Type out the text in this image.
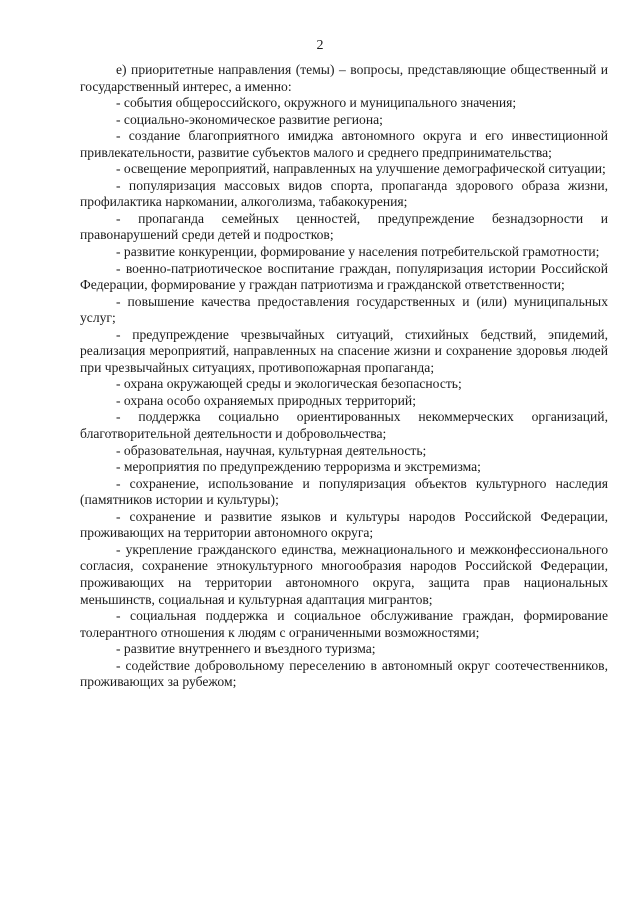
2

е) приоритетные направления (темы) – вопросы, представляющие общественный и государственный интерес, а именно:

- события общероссийского, окружного и муниципального значения;

- социально-экономическое развитие региона;

- создание благоприятного имиджа автономного округа и его инвестиционной привлекательности, развитие субъектов малого и среднего предпринимательства;

- освещение мероприятий, направленных на улучшение демографической ситуации;

- популяризация массовых видов спорта, пропаганда здорового образа жизни, профилактика наркомании, алкоголизма, табакокурения;

- пропаганда семейных ценностей, предупреждение безнадзорности и правонарушений среди детей и подростков;

- развитие конкуренции, формирование у населения потребительской грамотности;

- военно-патриотическое воспитание граждан, популяризация истории Российской Федерации, формирование у граждан патриотизма и гражданской ответственности;

- повышение качества предоставления государственных и (или) муниципальных услуг;

- предупреждение чрезвычайных ситуаций, стихийных бедствий, эпидемий, реализация мероприятий, направленных на спасение жизни и сохранение здоровья людей при чрезвычайных ситуациях, противопожарная пропаганда;

- охрана окружающей среды и экологическая безопасность;

- охрана особо охраняемых природных территорий;

- поддержка социально ориентированных некоммерческих организаций, благотворительной деятельности и добровольчества;

- образовательная, научная, культурная деятельность;

- мероприятия по предупреждению терроризма и экстремизма;

- сохранение, использование и популяризация объектов культурного наследия (памятников истории и культуры);

- сохранение и развитие языков и культуры народов Российской Федерации, проживающих на территории автономного округа;

- укрепление гражданского единства, межнационального и межконфессионального согласия, сохранение этнокультурного многообразия народов Российской Федерации, проживающих на территории автономного округа, защита прав национальных меньшинств, социальная и культурная адаптация мигрантов;

- социальная поддержка и социальное обслуживание граждан, формирование толерантного отношения к людям с ограниченными возможностями;

- развитие внутреннего и въездного туризма;

- содействие добровольному переселению в автономный округ соотечественников, проживающих за рубежом;
